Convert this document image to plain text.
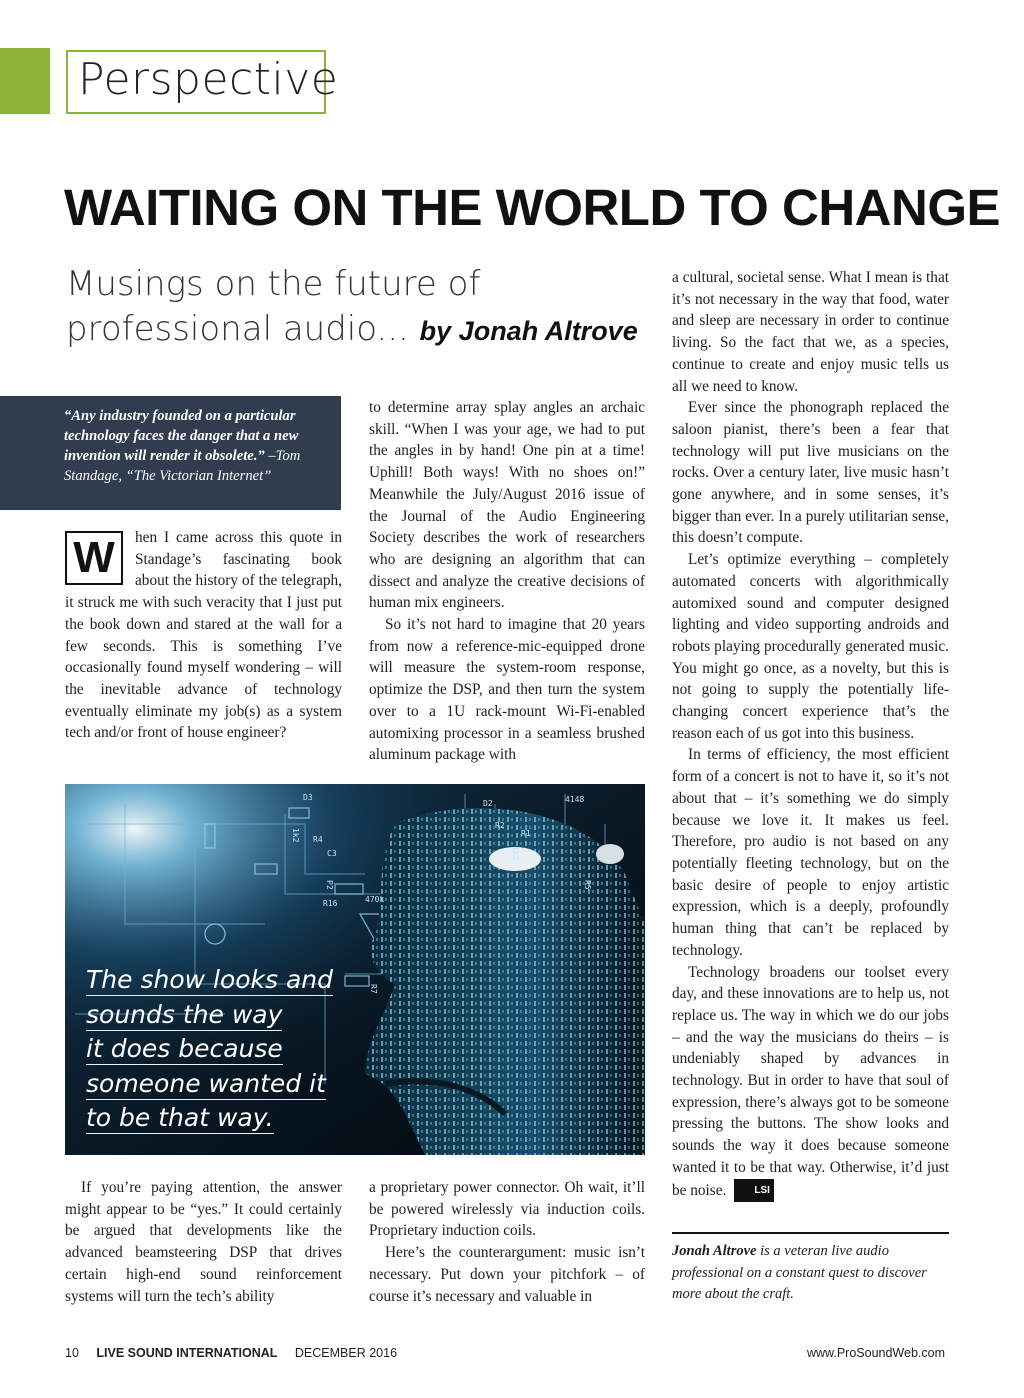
Perspective
WAITING ON THE WORLD TO CHANGE
Musings on the future of professional audio... by Jonah Altrove
“Any industry founded on a particular technology faces the danger that a new invention will render it obsolete.” –Tom Standage, “The Victorian Internet”
W	hen I came across this quote in Standage’s fascinating book about the history of the telegraph, it struck me with such veracity that I just put the book down and stared at the wall for a few seconds. This is something I’ve occasionally found myself wondering – will the inevitable advance of technology eventually eliminate my job(s) as a system tech and/or front of house engineer?

to determine array splay angles an archaic skill. “When I was your age, we had to put the angles in by hand! One pin at a time! Uphill! Both ways! With no shoes on!” Meanwhile the July/August 2016 issue of the Journal of the Audio Engineering Society describes the work of researchers who are designing an algorithm that can dissect and analyze the creative decisions of human mix engineers.

So it’s not hard to imagine that 20 years from now a reference-mic-equipped drone will measure the system-room response, optimize the DSP, and then turn the system over to a 1U rack-mount Wi-Fi-enabled automixing processor in a seamless brushed aluminum package with

a cultural, societal sense. What I mean is that it’s not necessary in the way that food, water and sleep are necessary in order to continue living. So the fact that we, as a species, continue to create and enjoy music tells us all we need to know.

Ever since the phonograph replaced the saloon pianist, there’s been a fear that technology will put live musicians on the rocks. Over a century later, live music hasn’t gone anywhere, and in some senses, it’s bigger than ever. In a purely utilitarian sense, this doesn’t compute.

Let’s optimize everything – completely automated concerts with algorithmically automixed sound and computer designed lighting and video supporting androids and robots playing procedurally generated music. You might go once, as a novelty, but this is not going to supply the potentially life-changing concert experience that’s the reason each of us got into this business.

In terms of efficiency, the most efficient form of a concert is not to have it, so it’s not about that – it’s something we do simply because we love it. It makes us feel. Therefore, pro audio is not based on any potentially fleeting technology, but on the basic desire of people to enjoy artistic expression, which is a deeply, profoundly human thing that can’t be replaced by technology.

Technology broadens our toolset every day, and these innovations are to help us, not replace us. The way in which we do our jobs – and the way the musicians do theirs – is undeniably shaped by advances in technology. But in order to have that soul of expression, there’s always got to be someone pressing the buttons. The show looks and sounds the way it does because someone wanted it to be that way. Otherwise, it’d just be noise.	LSI

D3
1k2 R4
C3
P2
R16	470k
R7
D2
R2
1k2
4148
R1
R5
The show looks and
sounds the way
it does because
someone wanted it
to be that way.

If you’re paying attention, the answer might appear to be “yes.” It could certainly be argued that developments like the advanced beamsteering DSP that drives certain high-end sound reinforcement systems will turn the tech’s ability

a proprietary power connector. Oh wait, it’ll be powered wirelessly via induction coils. Proprietary induction coils.

Here’s the counterargument: music isn’t necessary. Put down your pitchfork – of course it’s necessary and valuable in

Jonah Altrove is a veteran live audio professional on a constant quest to discover more about the craft.
10 LIVE SOUND INTERNATIONAL DECEMBER 2016	www.ProSoundWeb.com
